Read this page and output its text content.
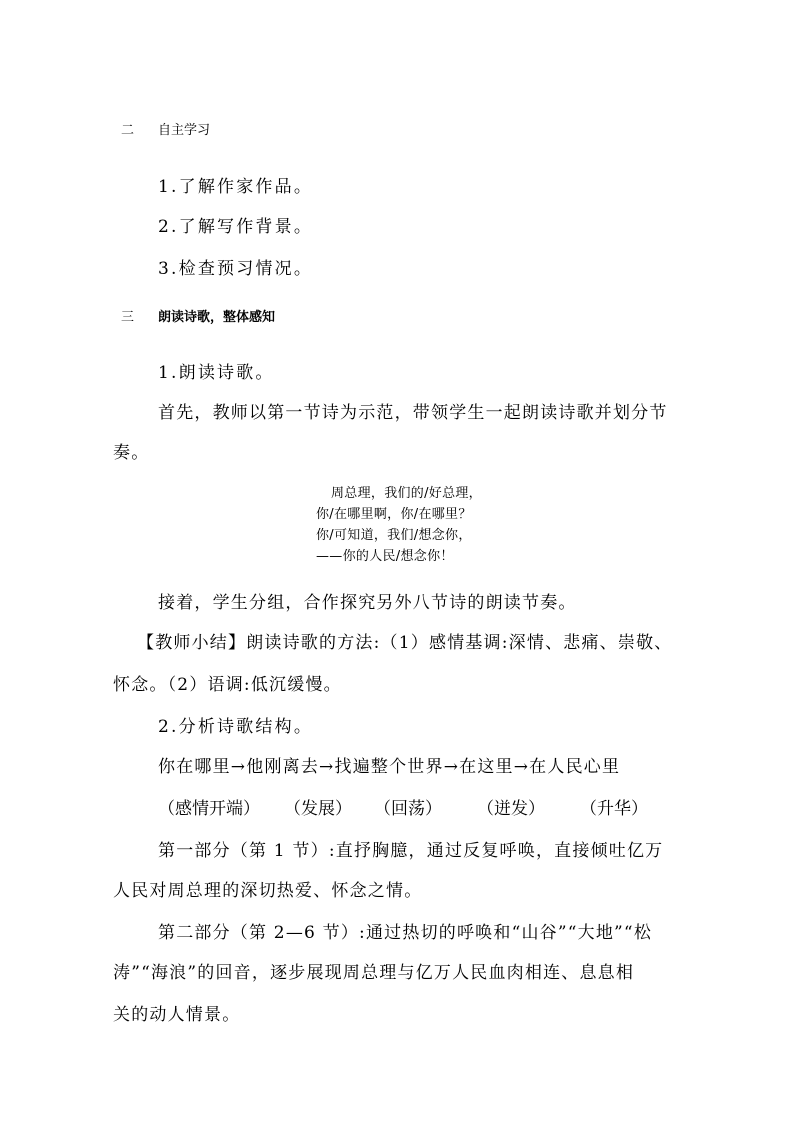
二 自主学习

1.了解作家作品。

2.了解写作背景。

3.检查预习情况。

三 朗读诗歌，整体感知

1.朗读诗歌。

首先，教师以第一节诗为示范，带领学生一起朗读诗歌并划分节

奏。

周总理，我们的/好总理，

你/在哪里啊，你/在哪里？

你/可知道，我们/想念你，

——你的人民/想念你！

接着，学生分组，合作探究另外八节诗的朗读节奏。

【教师小结】朗读诗歌的方法:（1）感情基调:深情、悲痛、崇敬、

怀念。（2）语调:低沉缓慢。

2.分析诗歌结构。

你在哪里→他刚离去→找遍整个世界→在这里→在人民心里

（感情开端） （发展） （回荡） （迸发） （升华）

第一部分（第 1 节）:直抒胸臆，通过反复呼唤，直接倾吐亿万

人民对周总理的深切热爱、怀念之情。

第二部分（第 2—6 节）:通过热切的呼唤和“山谷”“大地”“松

涛”“海浪”的回音，逐步展现周总理与亿万人民血肉相连、息息相

关的动人情景。
